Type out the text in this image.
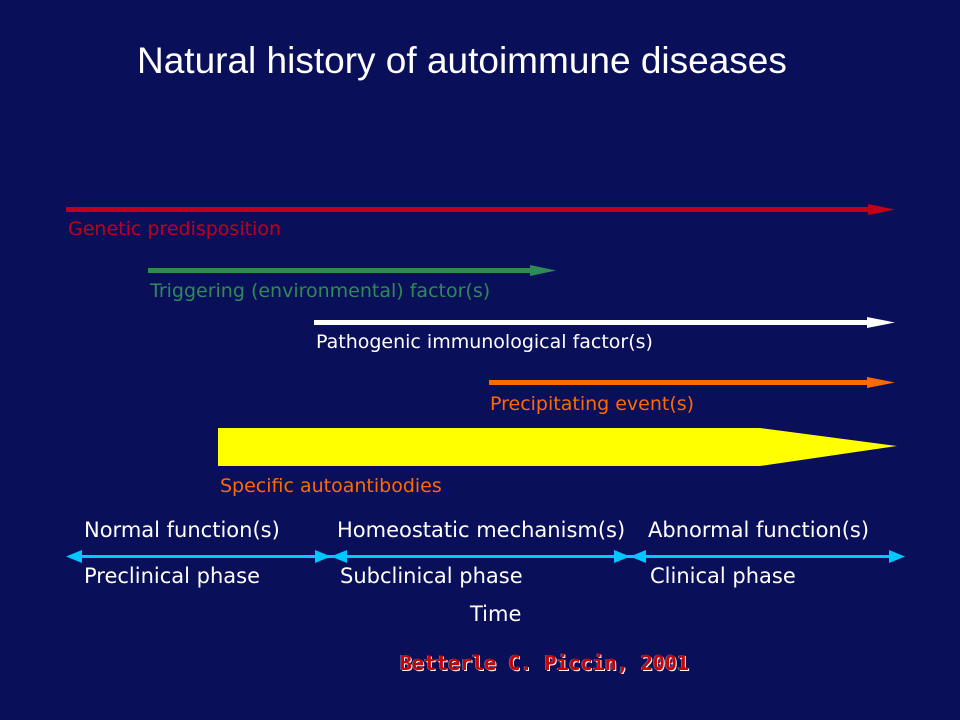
Natural history of autoimmune diseases
Genetic predisposition
Triggering (environmental) factor(s)
Pathogenic immunological factor(s)
Precipitating event(s)
Specific autoantibodies
Normal function(s)	Homeostatic mechanism(s) Abnormal function(s)
Preclinical phase	Subclinical phase	Clinical phase
Time
Betterle C. Piccin, 2001
